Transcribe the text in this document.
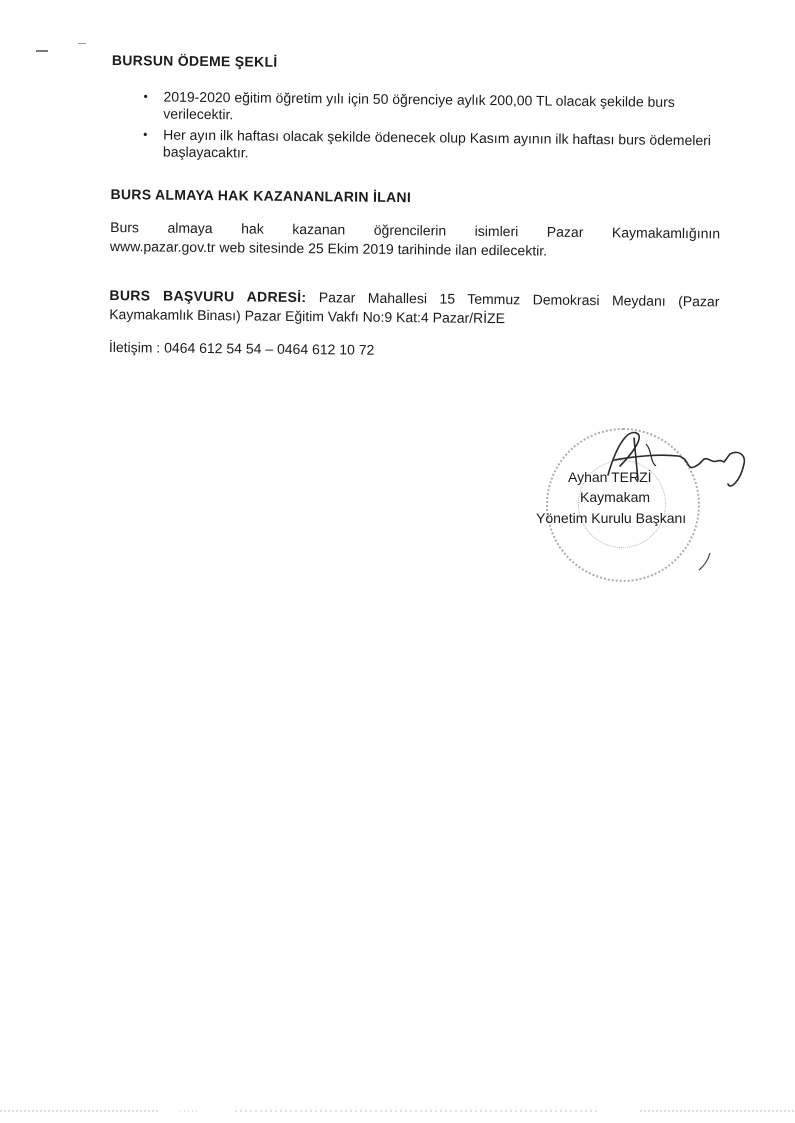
BURSUN ÖDEME ŞEKLİ
• 2019-2020 eğitim öğretim yılı için 50 öğrenciye aylık 200,00 TL olacak şekilde burs verilecektir.
• Her ayın ilk haftası olacak şekilde ödenecek olup Kasım ayının ilk haftası burs ödemeleri başlayacaktır.
BURS ALMAYA HAK KAZANANLARIN İLANI

Burs almaya hak kazanan öğrencilerin isimleri Pazar Kaymakamlığının
www.pazar.gov.tr web sitesinde 25 Ekim 2019 tarihinde ilan edilecektir.

BURS BAŞVURU ADRESİ: Pazar Mahallesi 15 Temmuz Demokrasi Meydanı (Pazar Kaymakamlık Binası) Pazar Eğitim Vakfı No:9 Kat:4 Pazar/RİZE

İletişim : 0464 612 54 54 – 0464 612 10 72

Ayhan TERZİ
Kaymakam
Yönetim Kurulu Başkanı
